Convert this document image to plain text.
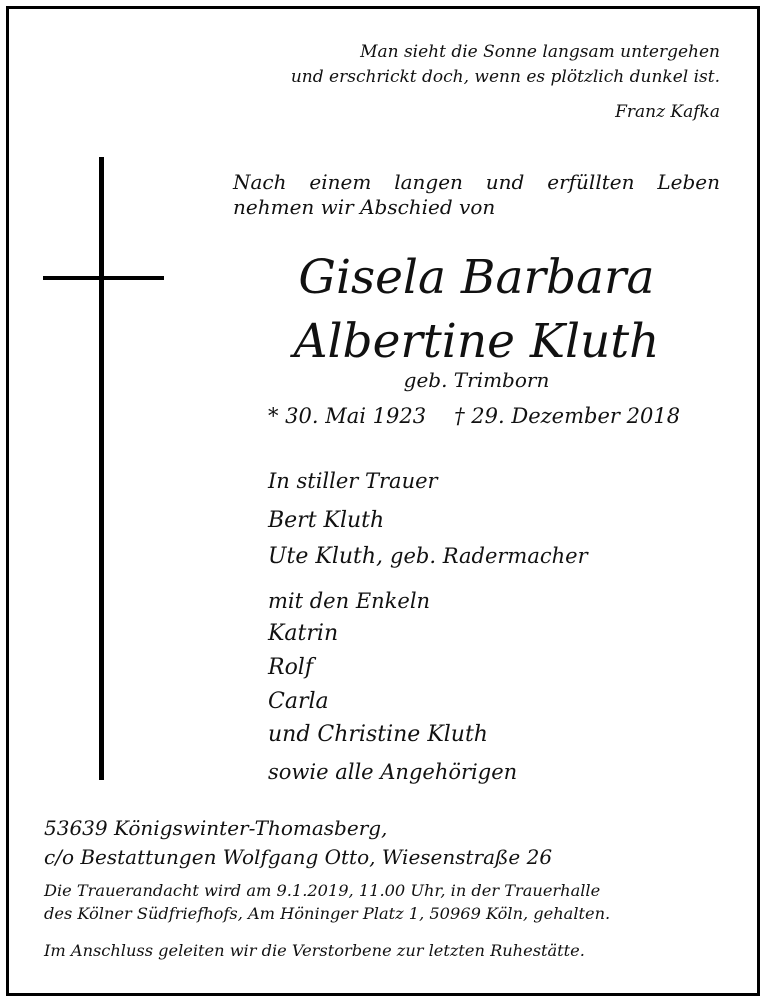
Man sieht die Sonne langsam untergehen
und erschrickt doch, wenn es plötzlich dunkel ist.
Franz Kafka
Nach einem langen und erfüllten Leben
nehmen wir Abschied von
Gisela Barbara
Albertine Kluth
geb. Trimborn
* 30. Mai 1923 † 29. Dezember 2018
In stiller Trauer
Bert Kluth
Ute Kluth, geb. Radermacher
mit den Enkeln
Katrin
Rolf
Carla
und Christine Kluth
sowie alle Angehörigen
53639 Königswinter-Thomasberg,
c/o Bestattungen Wolfgang Otto, Wiesenstraße 26
Die Trauerandacht wird am 9.1.2019, 11.00 Uhr, in der Trauerhalle
des Kölner Südfriefhofs, Am Höninger Platz 1, 50969 Köln, gehalten.
Im Anschluss geleiten wir die Verstorbene zur letzten Ruhestätte.
